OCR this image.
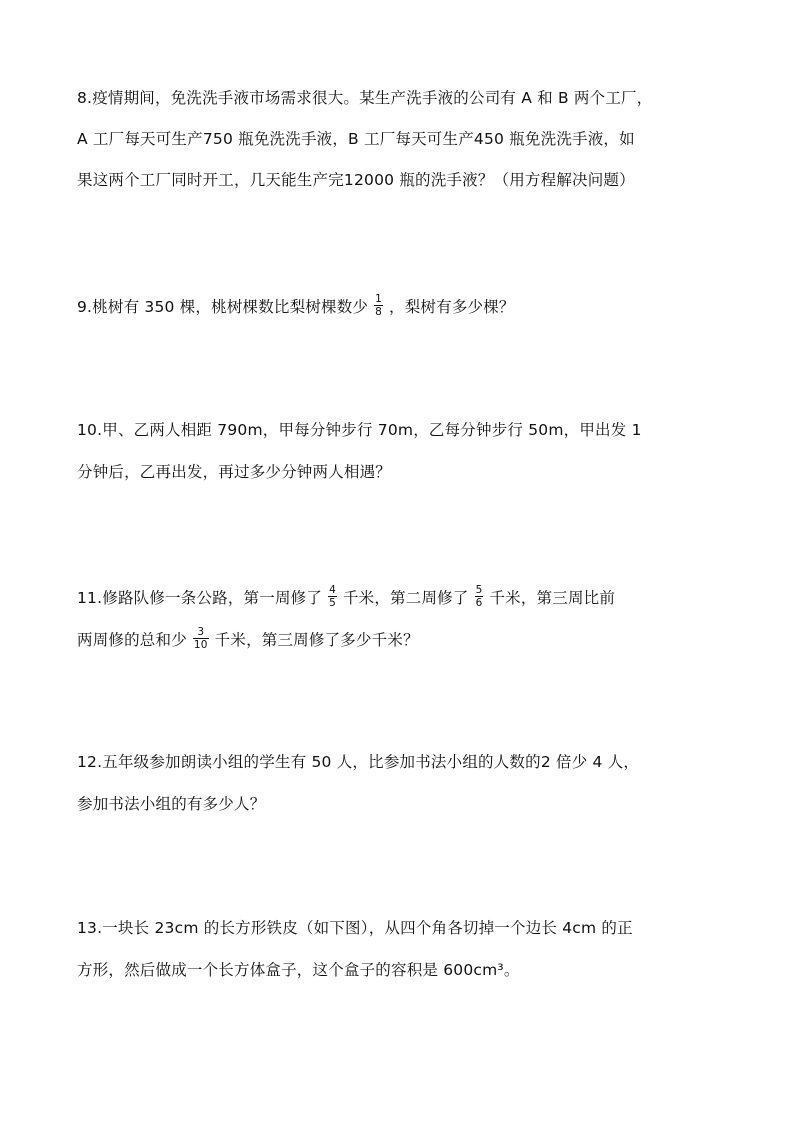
8.疫情期间，免洗洗手液市场需求很大。某生产洗手液的公司有 A 和 B 两个工厂，
A 工厂每天可生产750 瓶免洗洗手液，B 工厂每天可生产450 瓶免洗洗手液，如
果这两个工厂同时开工，几天能生产完12000 瓶的洗手液？（用方程解决问题）
9.桃树有 350 棵，桃树棵数比梨树棵数少 $\frac{1}{8}$ ，梨树有多少棵？
10.甲、乙两人相距 790m，甲每分钟步行 70m，乙每分钟步行 50m，甲出发 1
分钟后，乙再出发，再过多少分钟两人相遇？
11.修路队修一条公路，第一周修了 $\frac{4}{5}$ 千米，第二周修了 $\frac{5}{6}$ 千米，第三周比前
两周修的总和少 $\frac{3}{10}$ 千米，第三周修了多少千米？
12.五年级参加朗读小组的学生有 50 人，比参加书法小组的人数的2 倍少 4 人，
参加书法小组的有多少人？
13.一块长 23cm 的长方形铁皮（如下图），从四个角各切掉一个边长 4cm 的正
方形，然后做成一个长方体盒子，这个盒子的容积是 600cm³。
